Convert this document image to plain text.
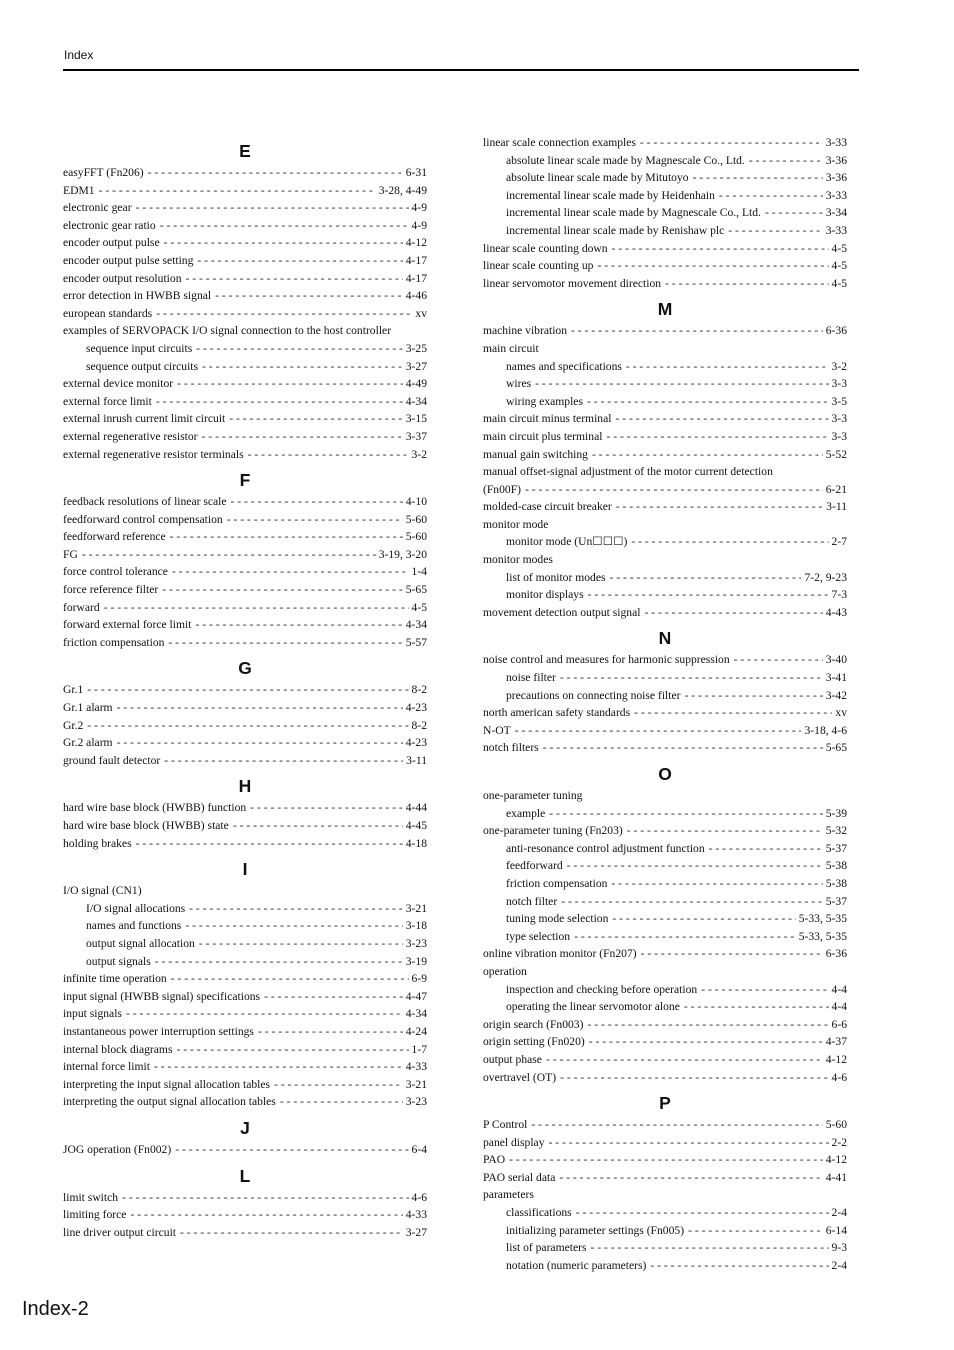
Index
E
easyFFT (Fn206) - - -	6-31
EDM1 - - -	3-28, 4-49
electronic gear - - -	4-9
electronic gear ratio - - -	4-9
encoder output pulse - - -	4-12
encoder output pulse setting - - -	4-17
encoder output resolution - - -	4-17
error detection in HWBB signal - - -	4-46
european standards - - -	xv
examples of SERVOPACK I/O signal connection to the host controller
sequence input circuits - - -	3-25
sequence output circuits - - -	3-27
external device monitor - - -	4-49
external force limit - - -	4-34
external inrush current limit circuit - - -	3-15
external regenerative resistor - - -	3-37
external regenerative resistor terminals - - -	3-2
F
feedback resolutions of linear scale - - -	4-10
feedforward control compensation - - -	5-60
feedforward reference - - -	5-60
FG - - -	3-19, 3-20
force control tolerance - - -	1-4
force reference filter - - -	5-65
forward - - -	4-5
forward external force limit - - -	4-34
friction compensation - - -	5-57
G
Gr.1 - - -	8-2
Gr.1 alarm - - -	4-23
Gr.2 - - -	8-2
Gr.2 alarm - - -	4-23
ground fault detector - - -	3-11
H
hard wire base block (HWBB) function - - -	4-44
hard wire base block (HWBB) state - - -	4-45
holding brakes - - -	4-18
I
I/O signal (CN1)
I/O signal allocations - - -	3-21
names and functions - - -	3-18
output signal allocation - - -	3-23
output signals - - -	3-19
infinite time operation - - -	6-9
input signal (HWBB signal) specifications - - -	4-47
input signals - - -	4-34
instantaneous power interruption settings - - -	4-24
internal block diagrams - - -	1-7
internal force limit - - -	4-33
interpreting the input signal allocation tables - - -	3-21
interpreting the output signal allocation tables - - -	3-23
J
JOG operation (Fn002) - - -	6-4
L
limit switch - - -	4-6
limiting force - - -	4-33
line driver output circuit - - -	3-27
linear scale connection examples - - -	3-33
absolute linear scale made by Magnescale Co., Ltd. - - -	3-36
absolute linear scale made by Mitutoyo - - -	3-36
incremental linear scale made by Heidenhain - - -	3-33
incremental linear scale made by Magnescale Co., Ltd. - - -	3-34
incremental linear scale made by Renishaw plc - - -	3-33
linear scale counting down - - -	4-5
linear scale counting up - - -	4-5
linear servomotor movement direction - - -	4-5
M
machine vibration - - -	6-36
main circuit
names and specifications - - -	3-2
wires - - -	3-3
wiring examples - - -	3-5
main circuit minus terminal - - -	3-3
main circuit plus terminal - - -	3-3
manual gain switching - - -	5-52
manual offset-signal adjustment of the motor current detection
(Fn00F) - - -	6-21
molded-case circuit breaker - - -	3-11
monitor mode
monitor mode (Un☐☐☐) - - -	2-7
monitor modes
list of monitor modes - - -	7-2, 9-23
monitor displays - - -	7-3
movement detection output signal - - -	4-43
N
noise control and measures for harmonic suppression - - -	3-40
noise filter - - -	3-41
precautions on connecting noise filter - - -	3-42
north american safety standards - - -	xv
N-OT - - -	3-18, 4-6
notch filters - - -	5-65
O
one-parameter tuning
example - - -	5-39
one-parameter tuning (Fn203) - - -	5-32
anti-resonance control adjustment function - - -	5-37
feedforward - - -	5-38
friction compensation - - -	5-38
notch filter - - -	5-37
tuning mode selection - - -	5-33, 5-35
type selection - - -	5-33, 5-35
online vibration monitor (Fn207) - - -	6-36
operation
inspection and checking before operation - - -	4-4
operating the linear servomotor alone - - -	4-4
origin search (Fn003) - - -	6-6
origin setting (Fn020) - - -	4-37
output phase - - -	4-12
overtravel (OT) - - -	4-6
P
P Control - - -	5-60
panel display - - -	2-2
PAO - - -	4-12
PAO serial data - - -	4-41
parameters
classifications - - -	2-4
initializing parameter settings (Fn005) - - -	6-14
list of parameters - - -	9-3
notation (numeric parameters) - - -	2-4
Index-2
